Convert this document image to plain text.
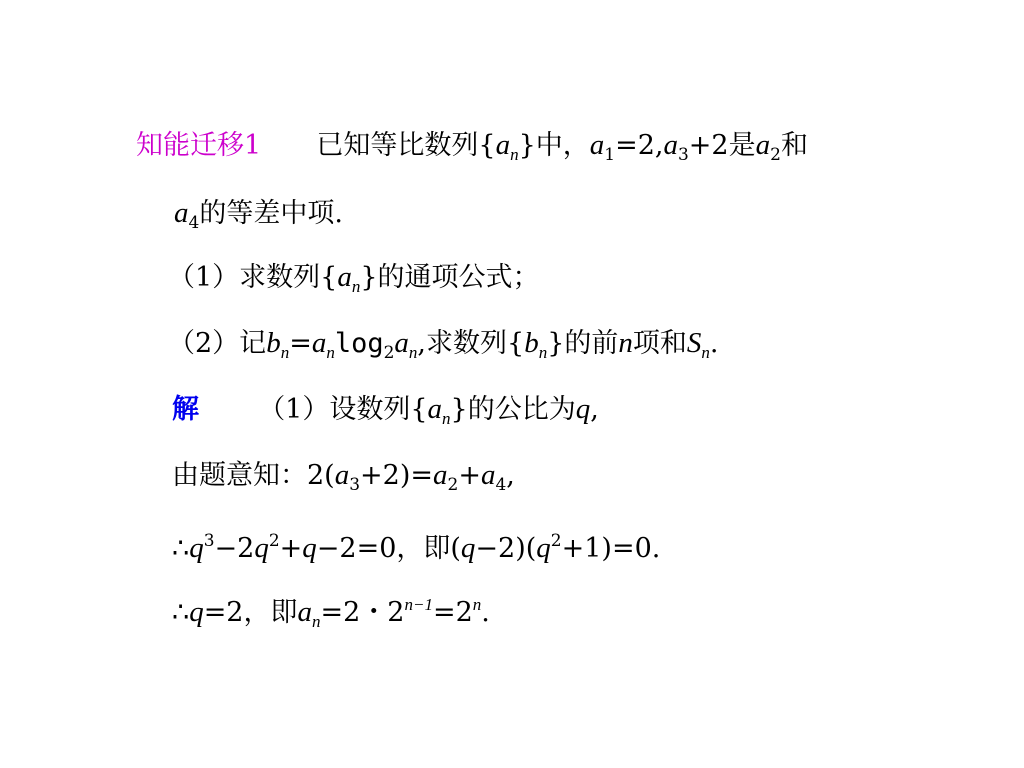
知能迁移1 已知等比数列$\{a_n\}$中，$a_1=2,a_3+2$是$a_2$和
$a_4$的等差中项.
（1）求数列$\{a_n\}$的通项公式；
（2）记$b_n=a_n\log_2a_n$,求数列$\{b_n\}$的前n项和$S_n$.
解 （1）设数列$\{a_n\}$的公比为q,
由题意知：$2(a_3+2)=a_2+a_4$,
$\therefore q^3-2q^2+q-2=0$，即$(q-2)(q^2+1)=0$.
∴q=2，即$a_n=2$・$2^{n-1}=2^n$.
